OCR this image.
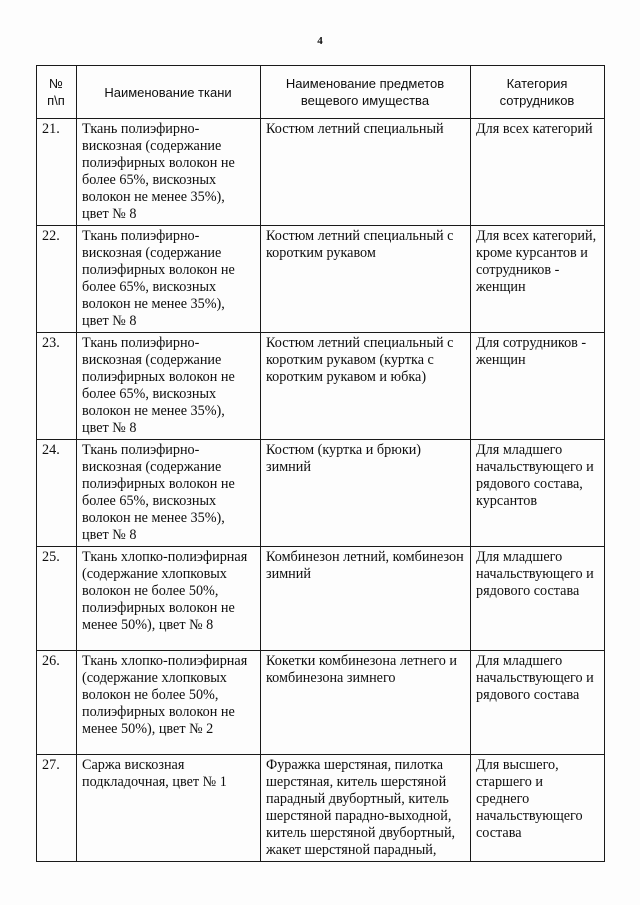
4
№ п\п	Наименование ткани	Наименование предметов вещевого имущества	Категория сотрудников
21.	Ткань полиэфирно-вискозная (содержание полиэфирных волокон не более 65%, вискозных волокон не менее 35%), цвет № 8	Костюм летний специальный	Для всех категорий
22.	Ткань полиэфирно-вискозная (содержание полиэфирных волокон не более 65%, вискозных волокон не менее 35%), цвет № 8	Костюм летний специальный с коротким рукавом	Для всех категорий, кроме курсантов и сотрудников - женщин
23.	Ткань полиэфирно-вискозная (содержание полиэфирных волокон не более 65%, вискозных волокон не менее 35%), цвет № 8	Костюм летний специальный с коротким рукавом (куртка с коротким рукавом и юбка)	Для сотрудников - женщин
24.	Ткань полиэфирно-вискозная (содержание полиэфирных волокон не более 65%, вискозных волокон не менее 35%), цвет № 8	Костюм (куртка и брюки) зимний	Для младшего начальствующего и рядового состава, курсантов
25.	Ткань хлопко-полиэфирная (содержание хлопковых волокон не более 50%, полиэфирных волокон не менее 50%), цвет № 8	Комбинезон летний, комбинезон зимний	Для младшего начальствующего и рядового состава
26.	Ткань хлопко-полиэфирная (содержание хлопковых волокон не более 50%, полиэфирных волокон не менее 50%), цвет № 2	Кокетки комбинезона летнего и комбинезона зимнего	Для младшего начальствующего и рядового состава
27.	Саржа вискозная подкладочная, цвет № 1	Фуражка шерстяная, пилотка шерстяная, китель шерстяной парадный двубортный, китель шерстяной парадно-выходной, китель шерстяной двубортный, жакет шерстяной парадный,	Для высшего, старшего и среднего начальствующего состава
